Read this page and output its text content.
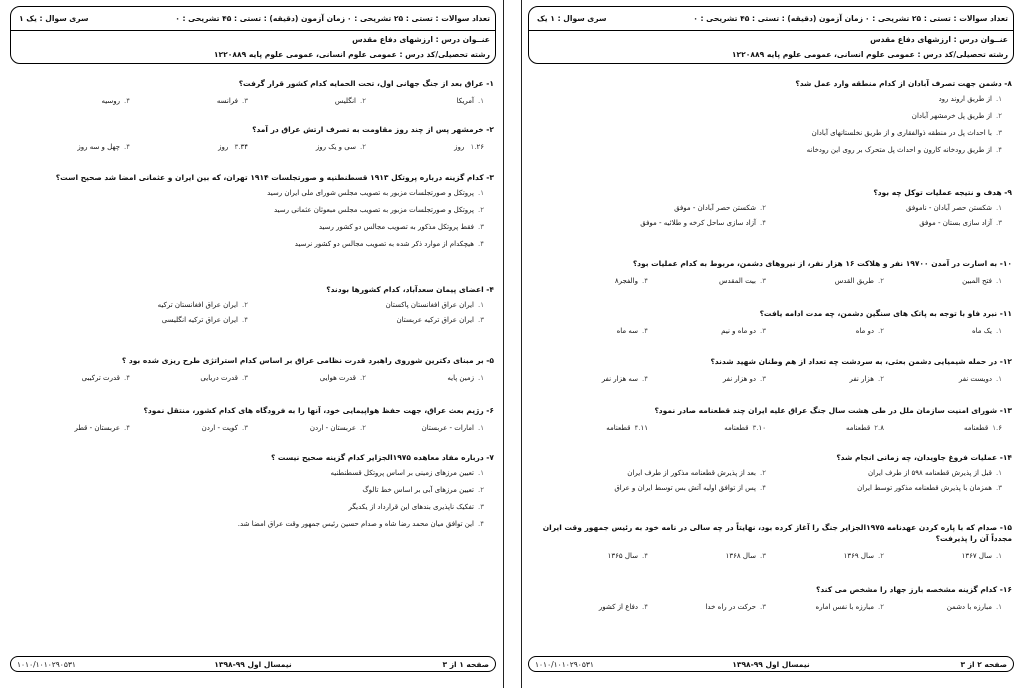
تعداد سوالات : تستی : ۲۵ تشریحی : ۰
زمان آزمون (دقیقه) : تستی : ۴۵ تشریحی : ۰
سری سوال : یک ۱
عنــوان درس : ارزشهای دفاع مقدس
رشته تحصیلی/کد درس : عمومی علوم انسانی، عمومی علوم پایه ۱۲۲۰۸۸۹
۱- عراق بعد از جنگ جهانی اول، تحت الحمایه کدام کشور قرار گرفت؟
۱.آمریکا
۲.انگلیس
۳.فرانسه
۴.روسیه
۲- خرمشهر پس از چند روز مقاومت به تصرف ارتش عراق در آمد؟
۱.۲۶ روز
۲.سی و یک روز
۳.۳۴ روز
۴.چهل و سه روز
۳- کدام گزینه درباره پروتکل ۱۹۱۳ قسطنطنیه و صورتجلسات ۱۹۱۴ تهران، که بین ایران و عثمانی امضا شد صحیح است؟
۱.پروتکل و صورتجلسات مزبور به تصویب مجلس شورای ملی ایران رسید
۲.پروتکل و صورتجلسات مزبور به تصویب مجلس مبعوثان عثمانی رسید
۳.فقط پروتکل مذکور به تصویب مجالس دو کشور رسید
۴.هیچکدام از موارد ذکر شده به تصویب مجالس دو کشور نرسید
۴- اعضای پیمان سعدآباد، کدام کشورها بودند؟
۱.ایران عراق افغانستان پاکستان
۲.ایران عراق افغانستان ترکیه
۳.ایران عراق ترکیه عربستان
۴.ایران عراق ترکیه انگلیسی
۵- بر مبنای دکترین شوروی راهبرد قدرت نظامی عراق بر اساس کدام استراتژی طرح ریزی شده بود ؟
۱.زمین پایه
۲.قدرت هوایی
۳.قدرت دریایی
۴.قدرت ترکیبی
۶- رژیم بعث عراق، جهت حفظ هواپیمایی خود، آنها را به فرودگاه های کدام کشور، منتقل نمود؟
۱.امارات - عربستان
۲.عربستان - اردن
۳.کویت - اردن
۴.عربستان - قطر
۷- درباره مفاد معاهده ۱۹۷۵الجزایر کدام گزینه صحیح نیست ؟
۱.تعیین مرزهای زمینی بر اساس پروتکل قسطنطنیه
۲.تعیین مرزهای آبی بر اساس خط تالوگ
۳.تفکیک ناپذیری بندهای این قرارداد از یکدیگر
۴.این توافق میان محمد رضا شاه و صدام حسین رئیس جمهور وقت عراق امضا شد.
صفحه ۱ از ۳
نیمسال اول ۹۹-۱۳۹۸
۱۰۱۰/۱۰۱۰۲۹۰۵۳۱
تعداد سوالات : تستی : ۲۵ تشریحی : ۰
زمان آزمون (دقیقه) : تستی : ۴۵ تشریحی : ۰
سری سوال : ۱ یک
عنــوان درس : ارزشهای دفاع مقدس
رشته تحصیلی/کد درس : عمومی علوم انسانی، عمومی علوم پایه ۱۲۲۰۸۸۹
۸- دشمن جهت تصرف آبادان از کدام منطقه وارد عمل شد؟
۱.از طریق اروند رود
۲.از طریق پل خرمشهر آبادان
۳.با احداث پل در منطقه ذوالفقاری و از طریق نخلستانهای آبادان
۴.از طریق رودخانه کارون و احداث پل متحرک بر روی این رودخانه
۹- هدف و نتیجه عملیات توکل چه بود؟
۱.شکستن حصر آبادان - ناموفق
۲.شکستن حصر آبادان - موفق
۳.آزاد سازی بستان - موفق
۴.آزاد سازی ساحل کرخه و طلائیه - موفق
۱۰- به اسارت در آمدن ۱۹۷۰۰ نفر و هلاکت ۱۶ هزار نفر، از نیروهای دشمن، مربوط به کدام عملیات بود؟
۱.فتح المبین
۲.طریق القدس
۳.بیت المقدس
۴.والفجر۸
۱۱- نبرد فاو با توجه به پاتک های سنگین دشمن، چه مدت ادامه یافت؟
۱.یک ماه
۲.دو ماه
۳.دو ماه و نیم
۴.سه ماه
۱۲- در حمله شیمیایی دشمن بعثی، به سردشت چه تعداد از هم وطنان شهید شدند؟
۱.دویست نفر
۲.هزار نفر
۳.دو هزار نفر
۴.سه هزار نفر
۱۳- شورای امنیت سازمان ملل در طی هشت سال جنگ عراق علیه ایران چند قطعنامه صادر نمود؟
۱.۶قطعنامه
۲.۸قطعنامه
۳.۱۰قطعنامه
۴.۱۱قطعنامه
۱۴- عملیات فروغ جاویدان، چه زمانی انجام شد؟
۱.قبل از پذیرش قطعنامه ۵۹۸ از طرف ایران
۲.بعد از پذیرش قطعنامه مذکور از طرف ایران
۳.همزمان با پذیرش قطعنامه مذکور توسط ایران
۴.پس از توافق اولیه آتش بس توسط ایران و عراق
۱۵- صدام که با پاره کردن عهدنامه ۱۹۷۵الجزایر جنگ را آغاز کرده بود، نهایتاً در چه سالی در نامه خود به رئیس جمهور وقت ایران مجدداً آن را پذیرفت؟
۱.سال ۱۳۶۷
۲.سال ۱۳۶۹
۳.سال ۱۳۶۸
۴.سال ۱۳۶۵
۱۶- کدام گزینه مشخصه بارز جهاد را مشخص می کند؟
۱.مبارزه با دشمن
۲.مبارزه با نفس اماره
۳.حرکت در راه خدا
۴.دفاع از کشور
صفحه ۲ از ۳
نیمسال اول ۹۹-۱۳۹۸
۱۰۱۰/۱۰۱۰۲۹۰۵۳۱
